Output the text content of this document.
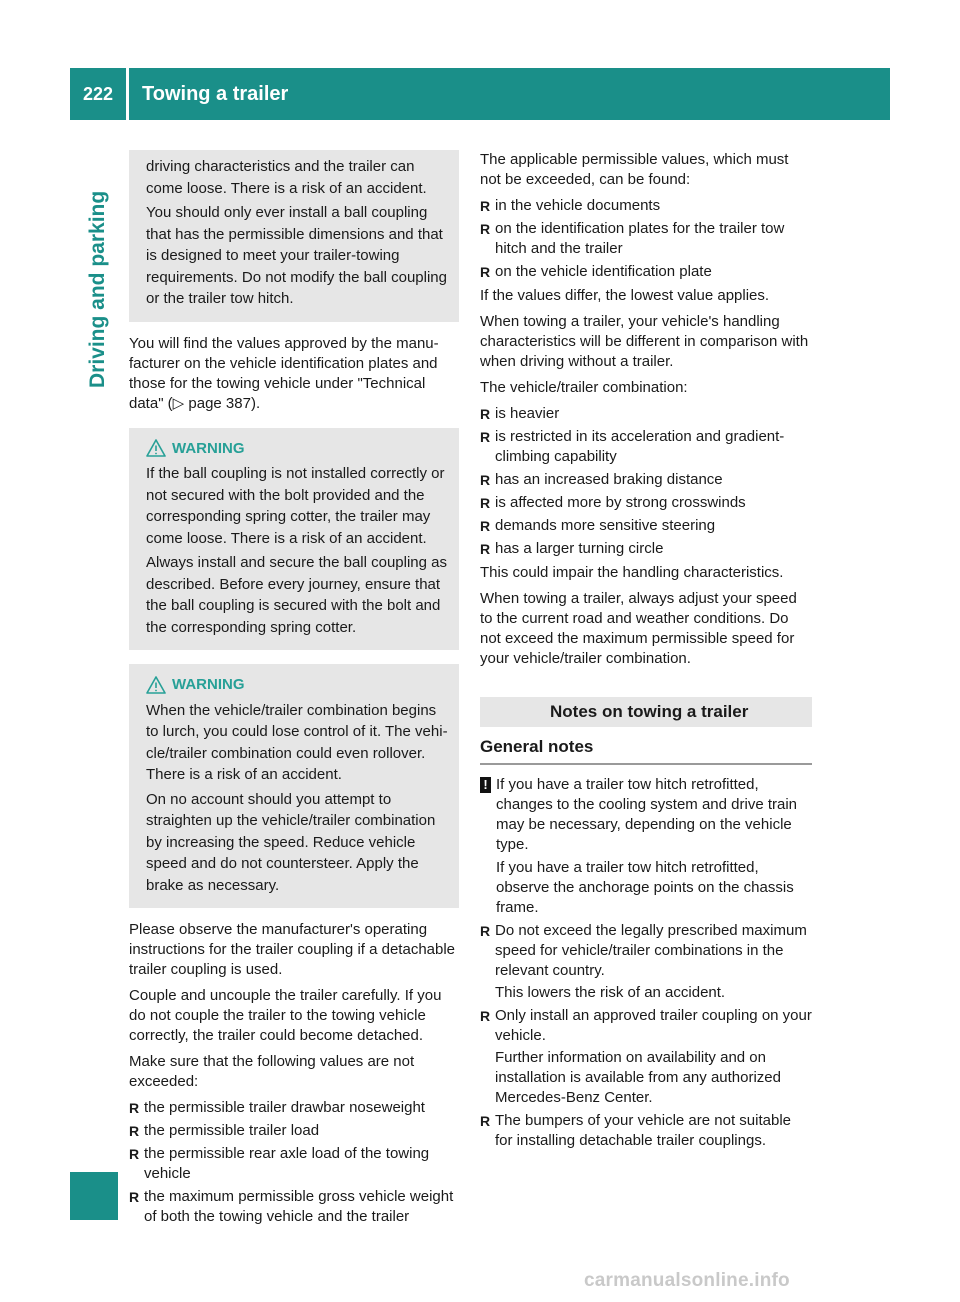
222	Towing a trailer
Driving and parking

driving characteristics and the trailer can come loose. There is a risk of an accident.

You should only ever install a ball coupling that has the permissible dimensions and that is designed to meet your trailer-towing requirements. Do not modify the ball coupling or the trailer tow hitch.

You will find the values approved by the manufacturer on the vehicle identification plates and those for the towing vehicle under "Technical data" (▷ page 387).

WARNING

If the ball coupling is not installed correctly or not secured with the bolt provided and the corresponding spring cotter, the trailer may come loose. There is a risk of an accident.

Always install and secure the ball coupling as described. Before every journey, ensure that the ball coupling is secured with the bolt and the corresponding spring cotter.

WARNING

When the vehicle/trailer combination begins to lurch, you could lose control of it. The vehicle/trailer combination could even rollover. There is a risk of an accident.

On no account should you attempt to straighten up the vehicle/trailer combination by increasing the speed. Reduce vehicle speed and do not countersteer. Apply the brake as necessary.

Please observe the manufacturer's operating instructions for the trailer coupling if a detachable trailer coupling is used.

Couple and uncouple the trailer carefully. If you do not couple the trailer to the towing vehicle correctly, the trailer could become detached.

Make sure that the following values are not exceeded:

R the permissible trailer drawbar noseweight
R the permissible trailer load
R the permissible rear axle load of the towing vehicle
R the maximum permissible gross vehicle weight of both the towing vehicle and the trailer

The applicable permissible values, which must not be exceeded, can be found:

R in the vehicle documents
R on the identification plates for the trailer tow hitch and the trailer
R on the vehicle identification plate

If the values differ, the lowest value applies.

When towing a trailer, your vehicle's handling characteristics will be different in comparison with when driving without a trailer.

The vehicle/trailer combination:

R is heavier
R is restricted in its acceleration and gradient-climbing capability
R has an increased braking distance
R is affected more by strong crosswinds
R demands more sensitive steering
R has a larger turning circle

This could impair the handling characteristics.

When towing a trailer, always adjust your speed to the current road and weather conditions. Do not exceed the maximum permissible speed for your vehicle/trailer combination.

Notes on towing a trailer
General notes
! If you have a trailer tow hitch retrofitted, changes to the cooling system and drive train may be necessary, depending on the vehicle type.

If you have a trailer tow hitch retrofitted, observe the anchorage points on the chassis frame.

R Do not exceed the legally prescribed maximum speed for vehicle/trailer combinations in the relevant country.

This lowers the risk of an accident.

R Only install an approved trailer coupling on your vehicle.

Further information on availability and on installation is available from any authorized Mercedes-Benz Center.

R The bumpers of your vehicle are not suitable for installing detachable trailer couplings.
carmanualsonline.info
